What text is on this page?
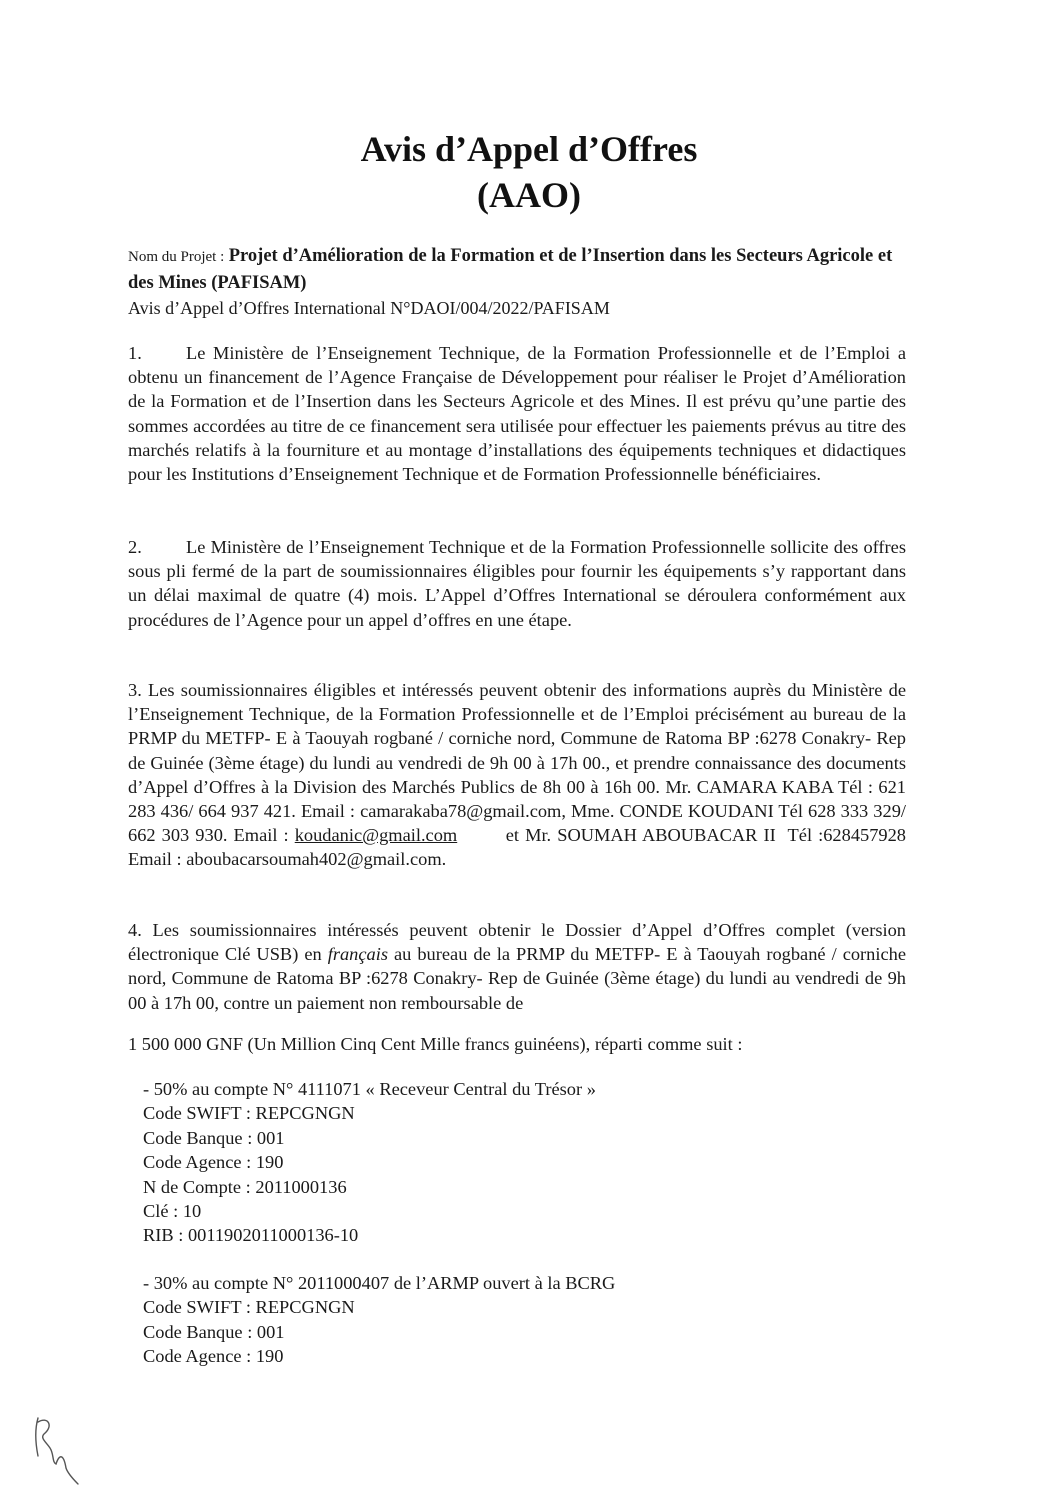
Avis d’Appel d’Offres
(AAO)
Nom du Projet : Projet d’Amélioration de la Formation et de l’Insertion dans les Secteurs Agricole et des Mines (PAFISAM)
Avis d’Appel d’Offres International N°DAOI/004/2022/PAFISAM
1. Le Ministère de l’Enseignement Technique, de la Formation Professionnelle et de l’Emploi a obtenu un financement de l’Agence Française de Développement pour réaliser le Projet d’Amélioration de la Formation et de l’Insertion dans les Secteurs Agricole et des Mines. Il est prévu qu’une partie des sommes accordées au titre de ce financement sera utilisée pour effectuer les paiements prévus au titre des marchés relatifs à la fourniture et au montage d’installations des équipements techniques et didactiques pour les Institutions d’Enseignement Technique et de Formation Professionnelle bénéficiaires.
2. Le Ministère de l’Enseignement Technique et de la Formation Professionnelle sollicite des offres sous pli fermé de la part de soumissionnaires éligibles pour fournir les équipements s’y rapportant dans un délai maximal de quatre (4) mois. L’Appel d’Offres International se déroulera conformément aux procédures de l’Agence pour un appel d’offres en une étape.
3. Les soumissionnaires éligibles et intéressés peuvent obtenir des informations auprès du Ministère de l’Enseignement Technique, de la Formation Professionnelle et de l’Emploi précisément au bureau de la PRMP du METFP- E à Taouyah rogbané / corniche nord, Commune de Ratoma BP :6278 Conakry- Rep de Guinée (3ème étage) du lundi au vendredi de 9h 00 à 17h 00., et prendre connaissance des documents d’Appel d’Offres à la Division des Marchés Publics de 8h 00 à 16h 00. Mr. CAMARA KABA Tél : 621 283 436/ 664 937 421. Email : camarakaba78@gmail.com, Mme. CONDE KOUDANI Tél 628 333 329/ 662 303 930. Email : koudanic@gmail.com        et Mr. SOUMAH ABOUBACAR II  Tél :628457928 Email : aboubacarsoumah402@gmail.com.
4. Les soumissionnaires intéressés peuvent obtenir le Dossier d’Appel d’Offres complet (version électronique Clé USB) en français au bureau de la PRMP du METFP- E à Taouyah rogbané / corniche nord, Commune de Ratoma BP :6278 Conakry- Rep de Guinée (3ème étage) du lundi au vendredi de 9h 00 à 17h 00, contre un paiement non remboursable de
1 500 000 GNF (Un Million Cinq Cent Mille francs guinéens), réparti comme suit :
- 50% au compte N° 4111071 « Receveur Central du Trésor »
Code SWIFT : REPCGNGN
Code Banque : 001
Code Agence : 190
N de Compte : 2011000136
Clé : 10
RIB : 0011902011000136-10
- 30% au compte N° 2011000407 de l’ARMP ouvert à la BCRG
Code SWIFT : REPCGNGN
Code Banque : 001
Code Agence : 190
